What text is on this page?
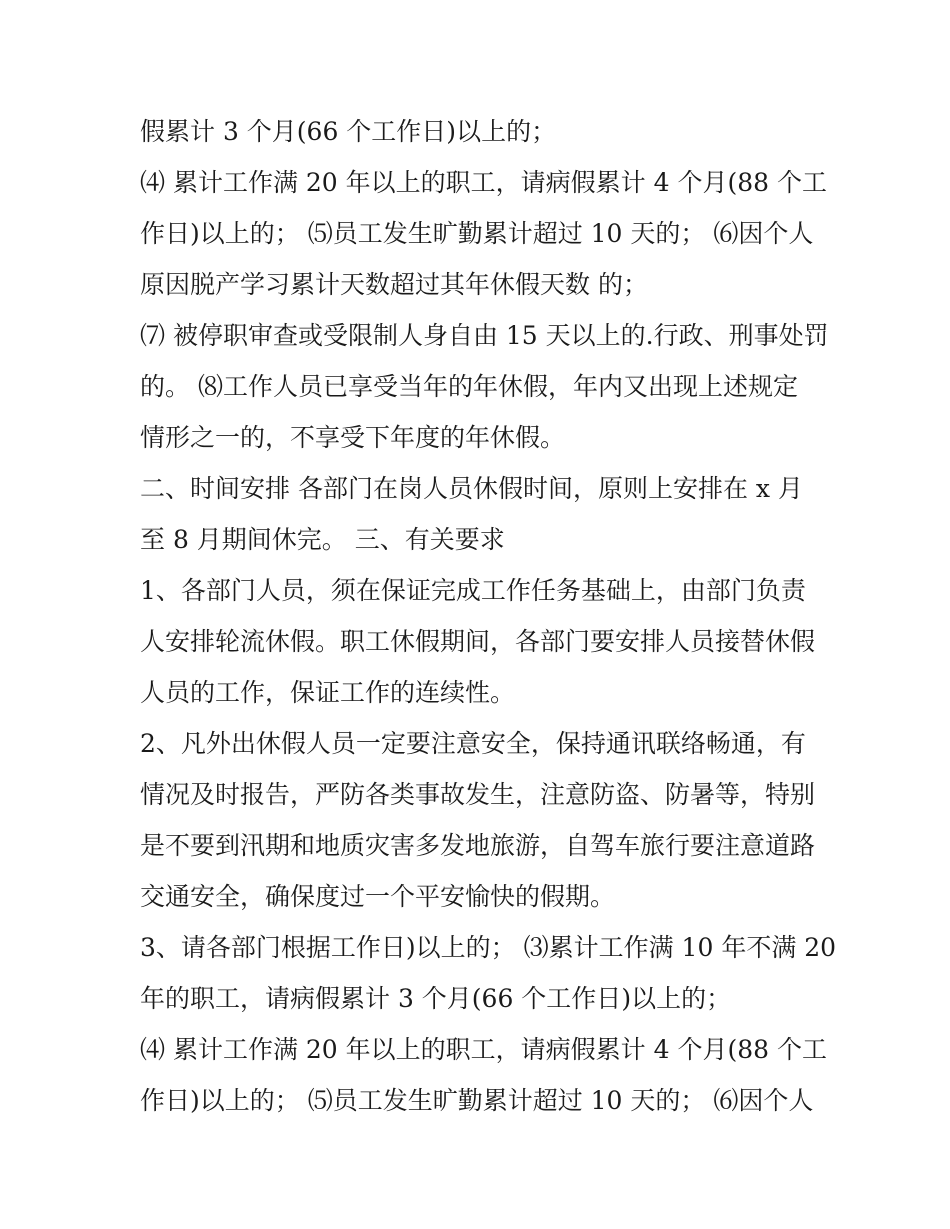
假累计 3 个月(66 个工作日)以上的；
⑷ 累计工作满 20 年以上的职工，请病假累计 4 个月(88 个工
作日)以上的； ⑸员工发生旷勤累计超过 10 天的； ⑹因个人
原因脱产学习累计天数超过其年休假天数 的；
⑺ 被停职审查或受限制人身自由 15 天以上的.行政、刑事处罚
的。 ⑻工作人员已享受当年的年休假，年内又出现上述规定
情形之一的，不享受下年度的年休假。
二、时间安排 各部门在岗人员休假时间，原则上安排在 x 月
至 8 月期间休完。 三、有关要求
1、各部门人员，须在保证完成工作任务基础上，由部门负责
人安排轮流休假。职工休假期间，各部门要安排人员接替休假
人员的工作，保证工作的连续性。
2、凡外出休假人员一定要注意安全，保持通讯联络畅通，有
情况及时报告，严防各类事故发生，注意防盗、防暑等，特别
是不要到汛期和地质灾害多发地旅游，自驾车旅行要注意道路
交通安全，确保度过一个平安愉快的假期。
3、请各部门根据工作日)以上的； ⑶累计工作满 10 年不满 20
年的职工，请病假累计 3 个月(66 个工作日)以上的；
⑷ 累计工作满 20 年以上的职工，请病假累计 4 个月(88 个工
作日)以上的； ⑸员工发生旷勤累计超过 10 天的； ⑹因个人
